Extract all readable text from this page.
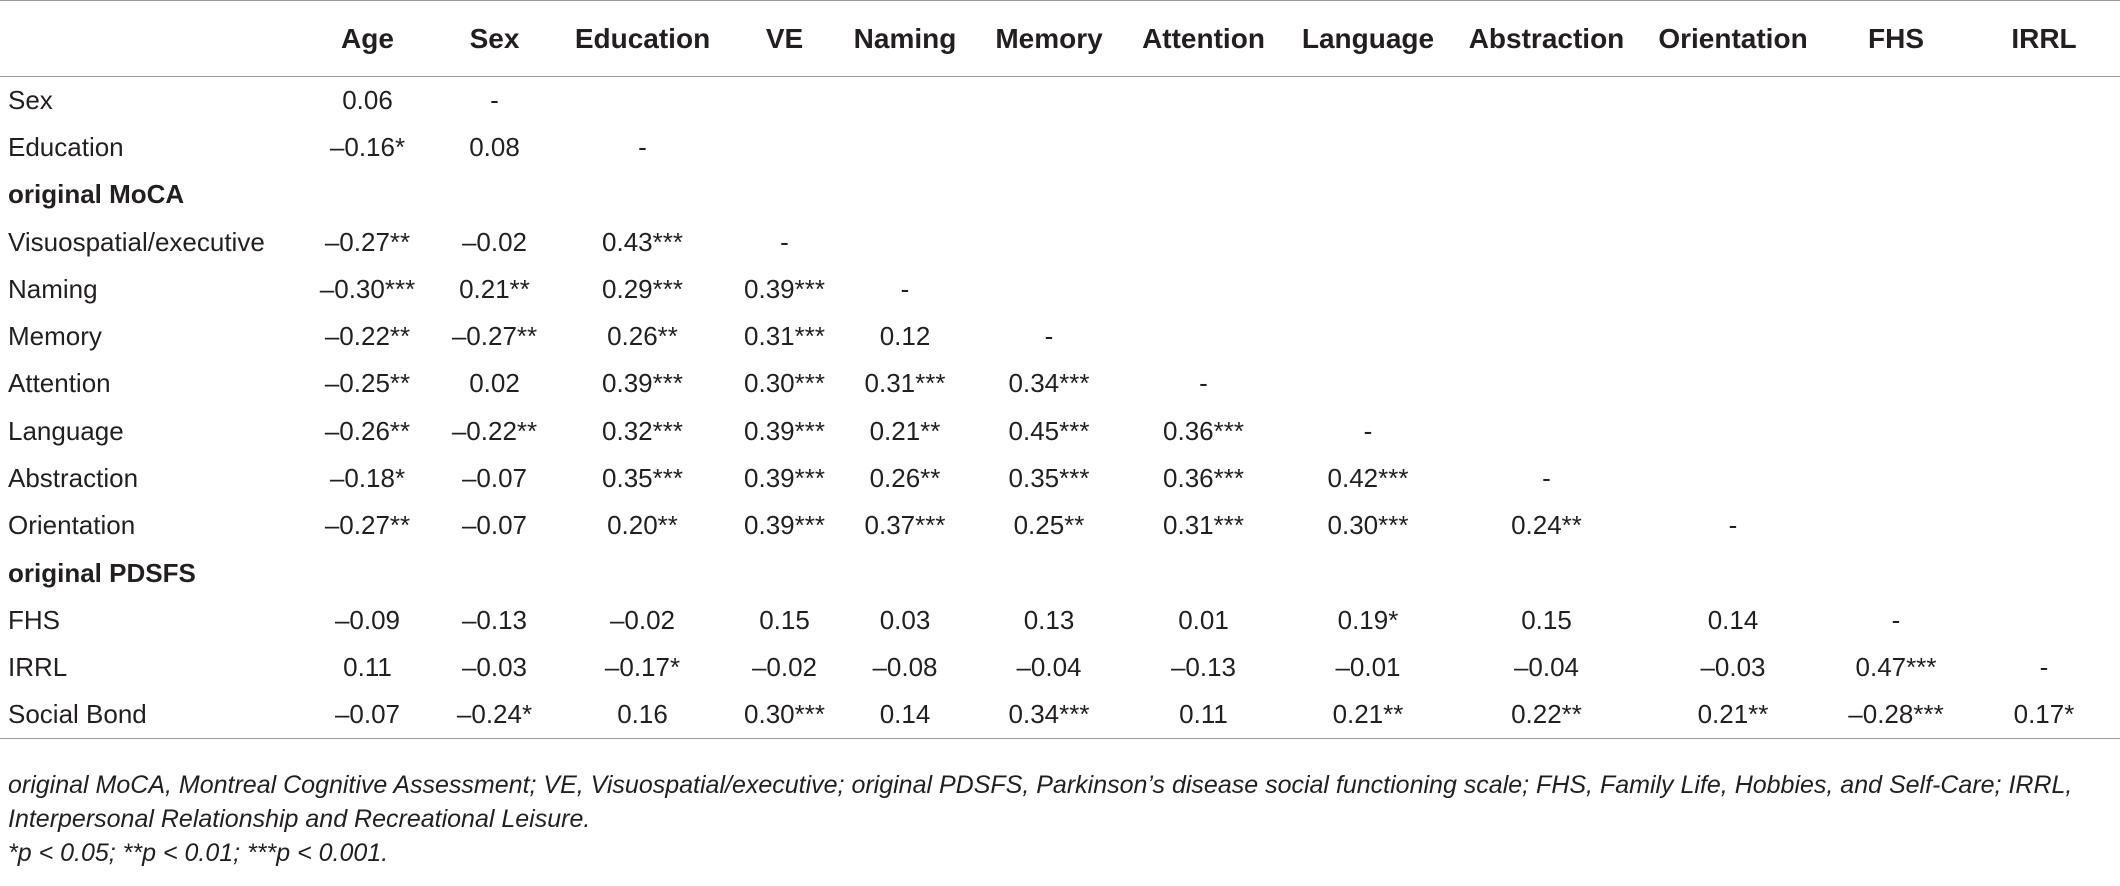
	Age	Sex	Education	VE	Naming	Memory	Attention	Language	Abstraction	Orientation	FHS	IRRL
Sex	0.06	-										
Education	–0.16*	0.08	-									
original MoCA												
Visuospatial/executive	–0.27**	–0.02	0.43***	-								
Naming	–0.30***	0.21**	0.29***	0.39***	-							
Memory	–0.22**	–0.27**	0.26**	0.31***	0.12	-						
Attention	–0.25**	0.02	0.39***	0.30***	0.31***	0.34***	-					
Language	–0.26**	–0.22**	0.32***	0.39***	0.21**	0.45***	0.36***	-				
Abstraction	–0.18*	–0.07	0.35***	0.39***	0.26**	0.35***	0.36***	0.42***	-			
Orientation	–0.27**	–0.07	0.20**	0.39***	0.37***	0.25**	0.31***	0.30***	0.24**	-		
original PDSFS												
FHS	–0.09	–0.13	–0.02	0.15	0.03	0.13	0.01	0.19*	0.15	0.14	-	
IRRL	0.11	–0.03	–0.17*	–0.02	–0.08	–0.04	–0.13	–0.01	–0.04	–0.03	0.47***	-
Social Bond	–0.07	–0.24*	0.16	0.30***	0.14	0.34***	0.11	0.21**	0.22**	0.21**	–0.28***	0.17*

original MoCA, Montreal Cognitive Assessment; VE, Visuospatial/executive; original PDSFS, Parkinson’s disease social functioning scale; FHS, Family Life, Hobbies, and Self-Care; IRRL, Interpersonal Relationship and Recreational Leisure.

*p < 0.05; **p < 0.01; ***p < 0.001.
